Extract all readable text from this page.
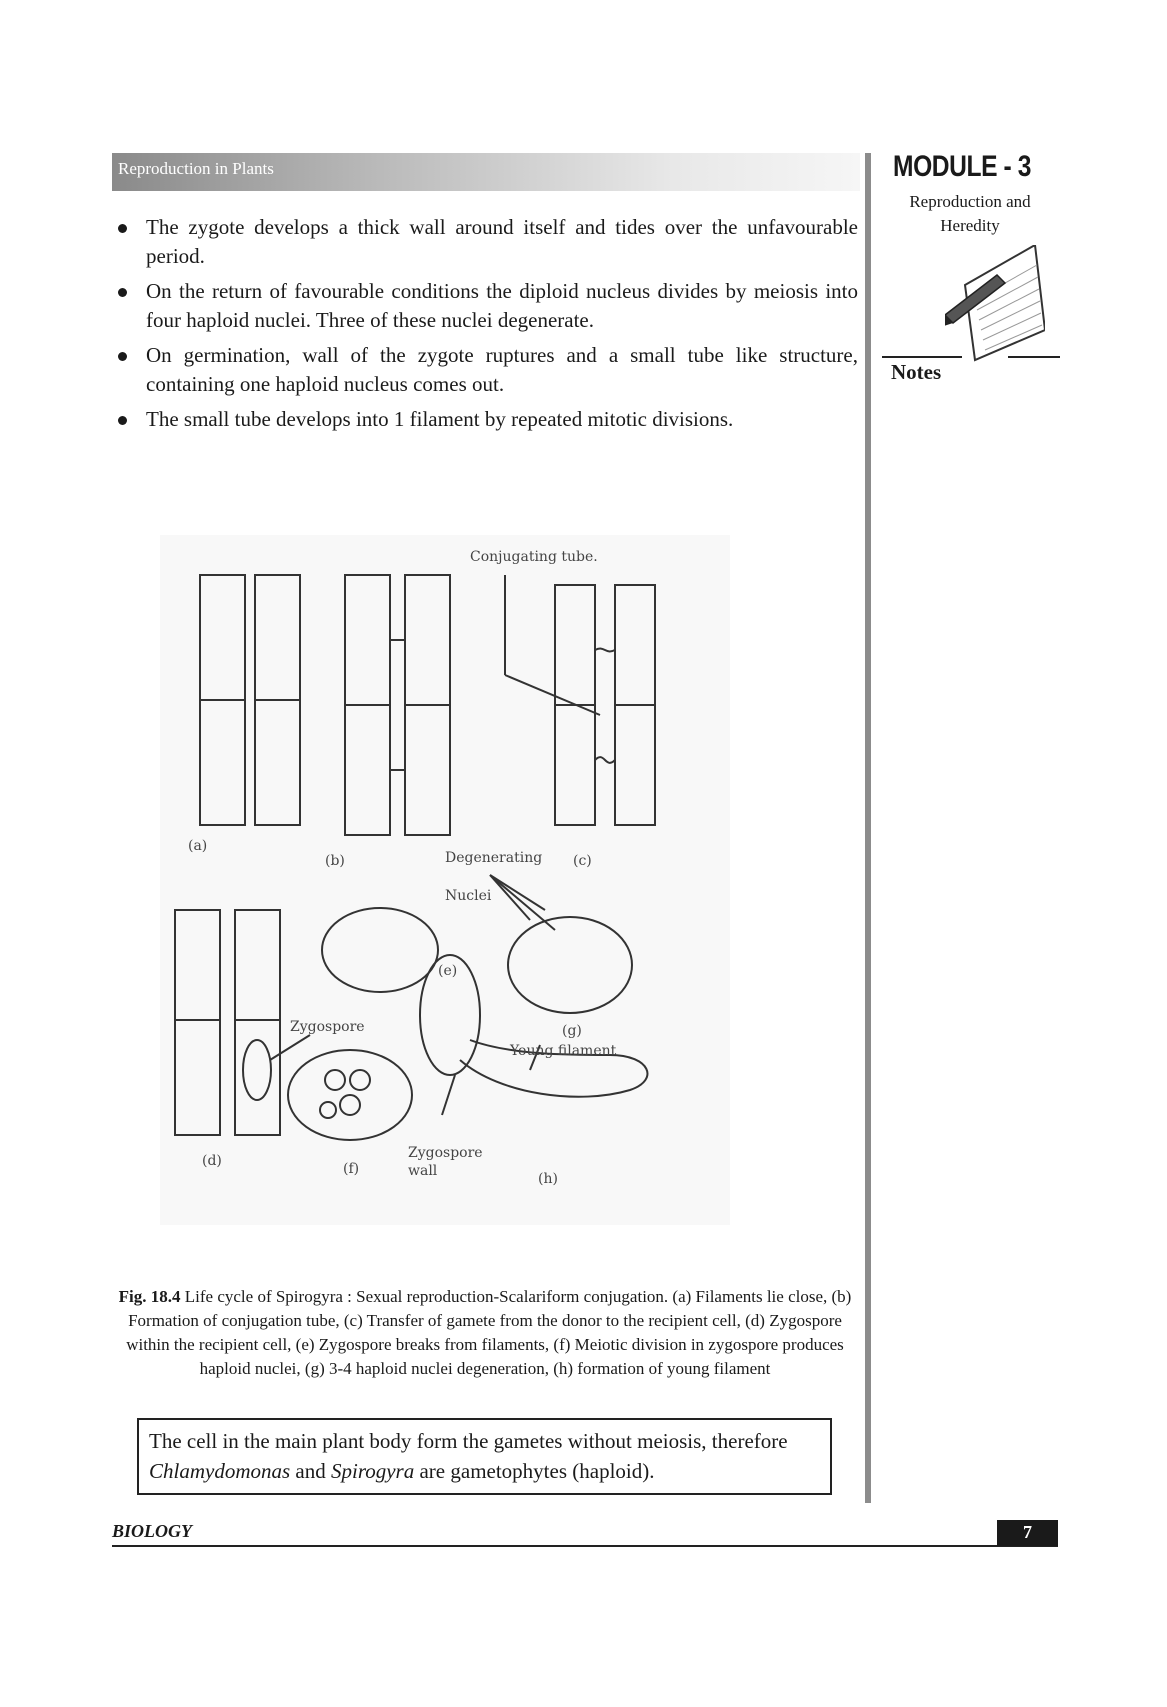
Reproduction in Plants	MODULE - 3
Reproduction and
Heredity
Notes
The zygote develops a thick wall around itself and tides over the unfavourable period.
On the return of favourable conditions the diploid nucleus divides by meiosis into four haploid nuclei. Three of these nuclei degenerate.
On germination, wall of the zygote ruptures and a small tube like structure, containing one haploid nucleus comes out.
The small tube develops into 1 filament by repeated mitotic divisions.
Conjugating tube.
(a)
(b)	Degenerating (c)
Nuclei
(e)
Zygospore	(g)
Young filament
(d)	(f)
Zygospore
wall	(h)
Fig. 18.4 Life cycle of Spirogyra : Sexual reproduction-Scalariform conjugation. (a) Filaments lie close, (b) Formation of conjugation tube, (c) Transfer of gamete from the donor to the recipient cell, (d) Zygospore within the recipient cell, (e) Zygospore breaks from filaments, (f) Meiotic division in zygospore produces haploid nuclei, (g) 3-4 haploid nuclei degeneration, (h) formation of young filament
The cell in the main plant body form the gametes without meiosis, therefore Chlamydomonas and Spirogyra are gametophytes (haploid).
BIOLOGY	7
